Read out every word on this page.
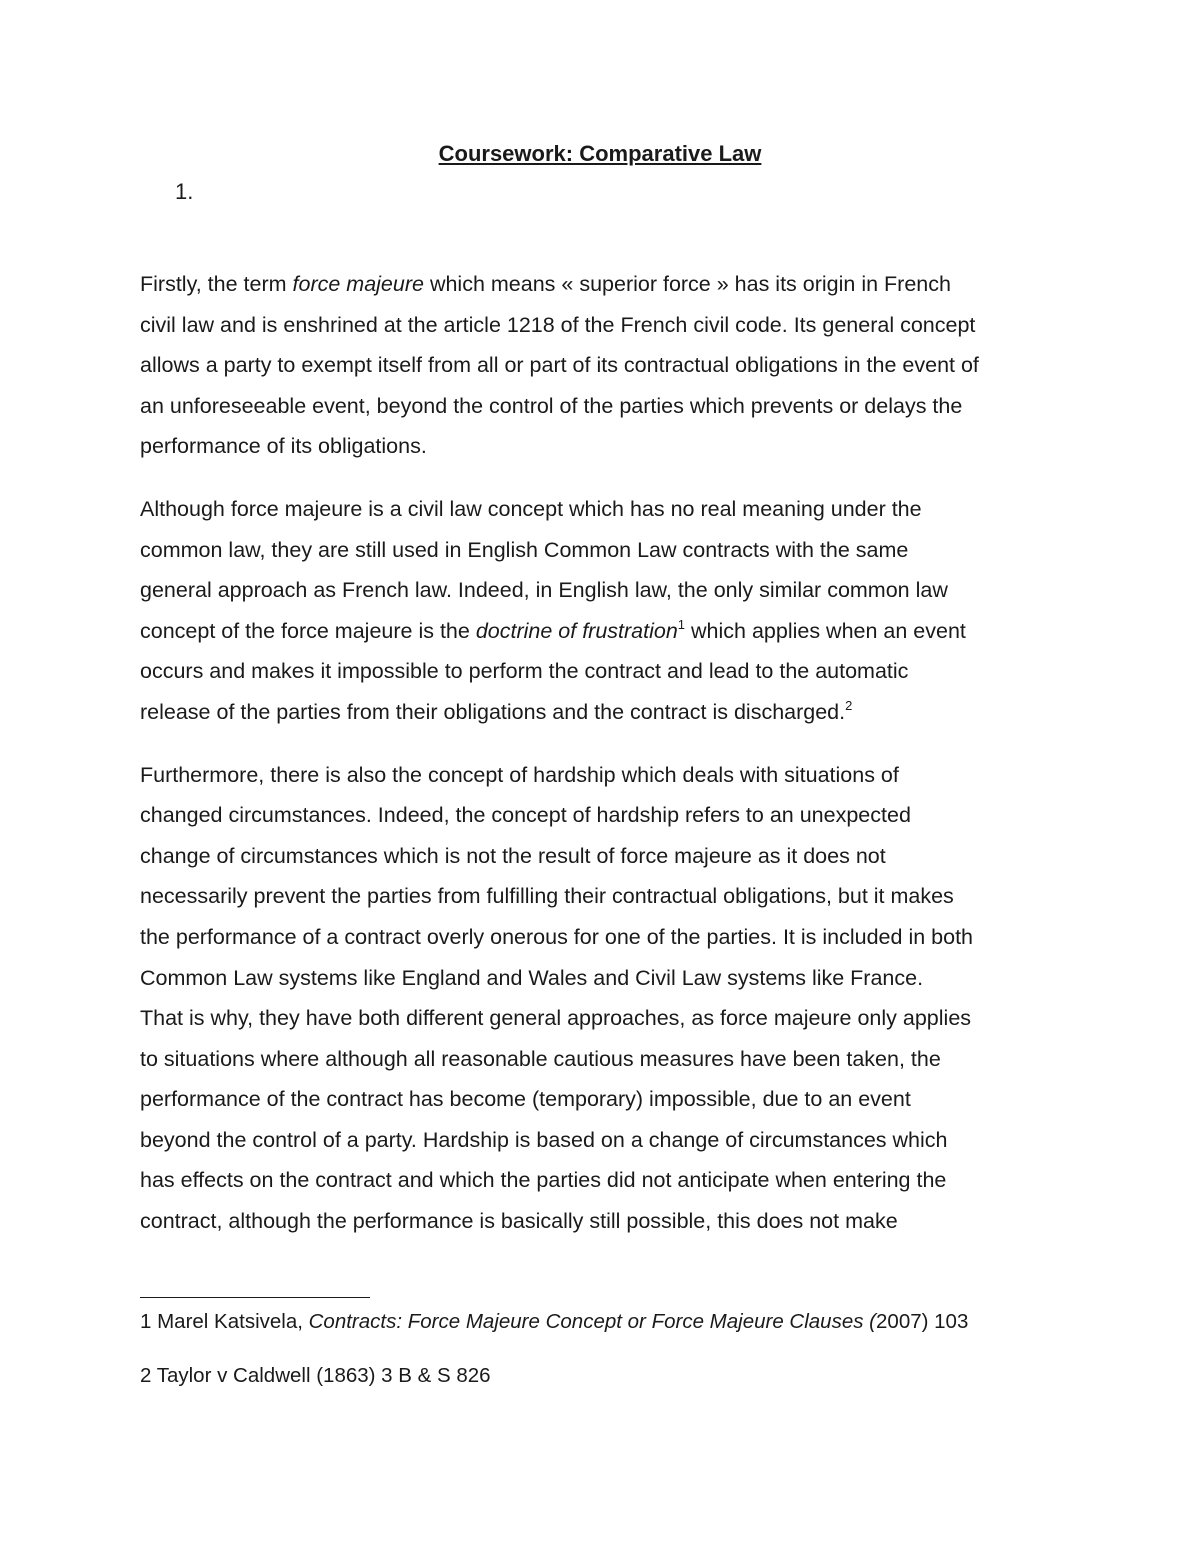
Coursework: Comparative Law

1.

Firstly, the term force majeure which means « superior force » has its origin in French
civil law and is enshrined at the article 1218 of the French civil code. Its general concept
allows a party to exempt itself from all or part of its contractual obligations in the event of
an unforeseeable event, beyond the control of the parties which prevents or delays the
performance of its obligations.

Although force majeure is a civil law concept which has no real meaning under the
common law, they are still used in English Common Law contracts with the same
general approach as French law. Indeed, in English law, the only similar common law
concept of the force majeure is the doctrine of frustration$^1$ which applies when an event
occurs and makes it impossible to perform the contract and lead to the automatic
release of the parties from their obligations and the contract is discharged.$^2$

Furthermore, there is also the concept of hardship which deals with situations of
changed circumstances. Indeed, the concept of hardship refers to an unexpected
change of circumstances which is not the result of force majeure as it does not
necessarily prevent the parties from fulfilling their contractual obligations, but it makes
the performance of a contract overly onerous for one of the parties. It is included in both
Common Law systems like England and Wales and Civil Law systems like France.
That is why, they have both different general approaches, as force majeure only applies
to situations where although all reasonable cautious measures have been taken, the
performance of the contract has become (temporary) impossible, due to an event
beyond the control of a party. Hardship is based on a change of circumstances which
has effects on the contract and which the parties did not anticipate when entering the
contract, although the performance is basically still possible, this does not make

1 Marel Katsivela, Contracts: Force Majeure Concept or Force Majeure Clauses (2007) 103

2 Taylor v Caldwell (1863) 3 B & S 826
